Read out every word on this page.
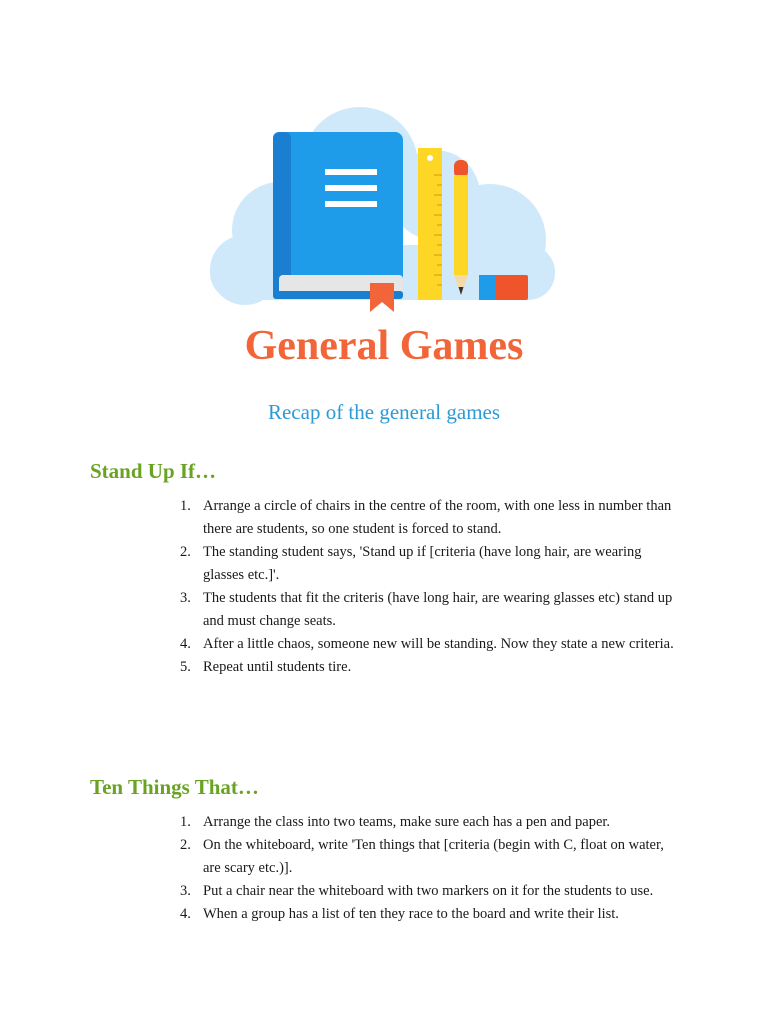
General Games
Recap of the general games
Stand Up If…
1. Arrange a circle of chairs in the centre of the room, with one less in number than there are students, so one student is forced to stand.
2. The standing student says, 'Stand up if [criteria (have long hair, are wearing glasses etc.]'.
3. The students that fit the criteris (have long hair, are wearing glasses etc) stand up and must change seats.
4. After a little chaos, someone new will be standing. Now they state a new criteria.
5. Repeat until students tire.
Ten Things That…
1. Arrange the class into two teams, make sure each has a pen and paper.
2. On the whiteboard, write 'Ten things that [criteria (begin with C, float on water, are scary etc.)].
3. Put a chair near the whiteboard with two markers on it for the students to use.
4. When a group has a list of ten they race to the board and write their list.
